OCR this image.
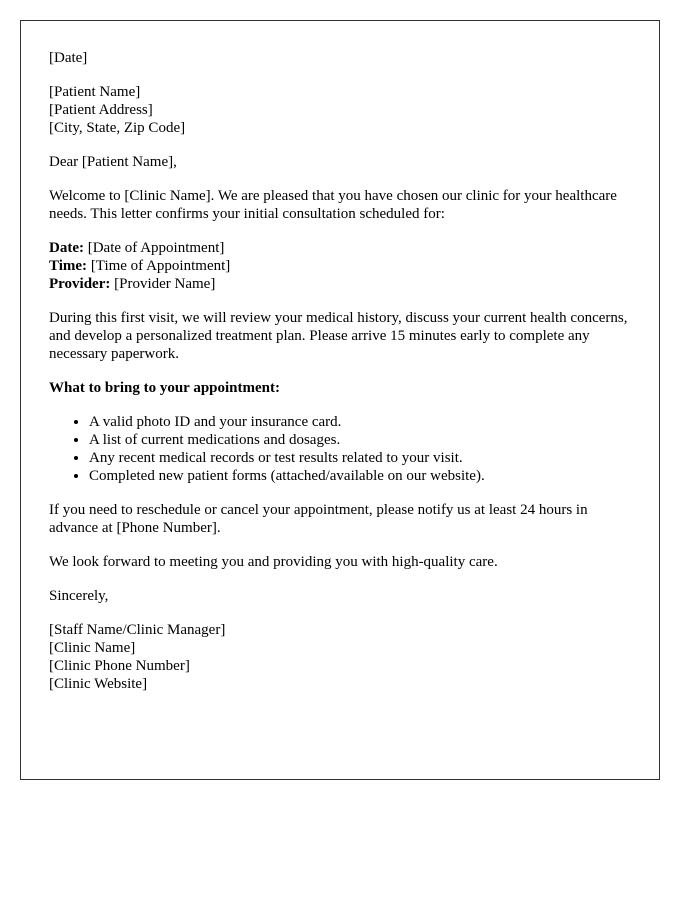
[Date]

[Patient Name]
[Patient Address]
[City, State, Zip Code]

Dear [Patient Name],

Welcome to [Clinic Name]. We are pleased that you have chosen our clinic for your healthcare needs. This letter confirms your initial consultation scheduled for:

Date: [Date of Appointment]
Time: [Time of Appointment]
Provider: [Provider Name]

During this first visit, we will review your medical history, discuss your current health concerns, and develop a personalized treatment plan. Please arrive 15 minutes early to complete any necessary paperwork.

What to bring to your appointment:

• A valid photo ID and your insurance card.
• A list of current medications and dosages.
• Any recent medical records or test results related to your visit.
• Completed new patient forms (attached/available on our website).

If you need to reschedule or cancel your appointment, please notify us at least 24 hours in advance at [Phone Number].

We look forward to meeting you and providing you with high-quality care.

Sincerely,

[Staff Name/Clinic Manager]
[Clinic Name]
[Clinic Phone Number]
[Clinic Website]
